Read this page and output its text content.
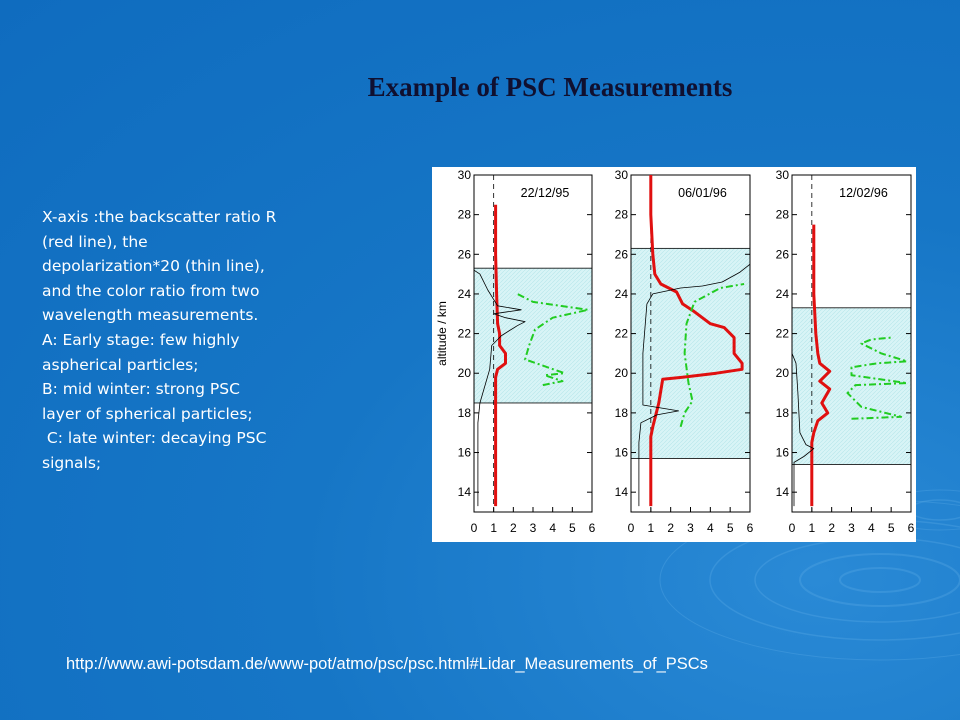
Example of PSC Measurements
X-axis :the backscatter ratio R
(red line), the
depolarization*20 (thin line),
and the color ratio from two
wavelength measurements.
A: Early stage: few highly
aspherical particles;
B: mid winter: strong PSC
layer of spherical particles;
C: late winter: decaying PSC
signals;
14
16
18
20
22
24
26
28
30
0 1 2 3 4 5 6
22/12/95
altitude / km
14
16
18
20
22
24
26
28
30
0 1 2 3 4 5 6
06/01/96
14
16
18
20
22
24
26
28
30
0 1 2 3 4 5 6
12/02/96
http://www.awi-potsdam.de/www-pot/atmo/psc/psc.html#Lidar_Measurements_of_PSCs
